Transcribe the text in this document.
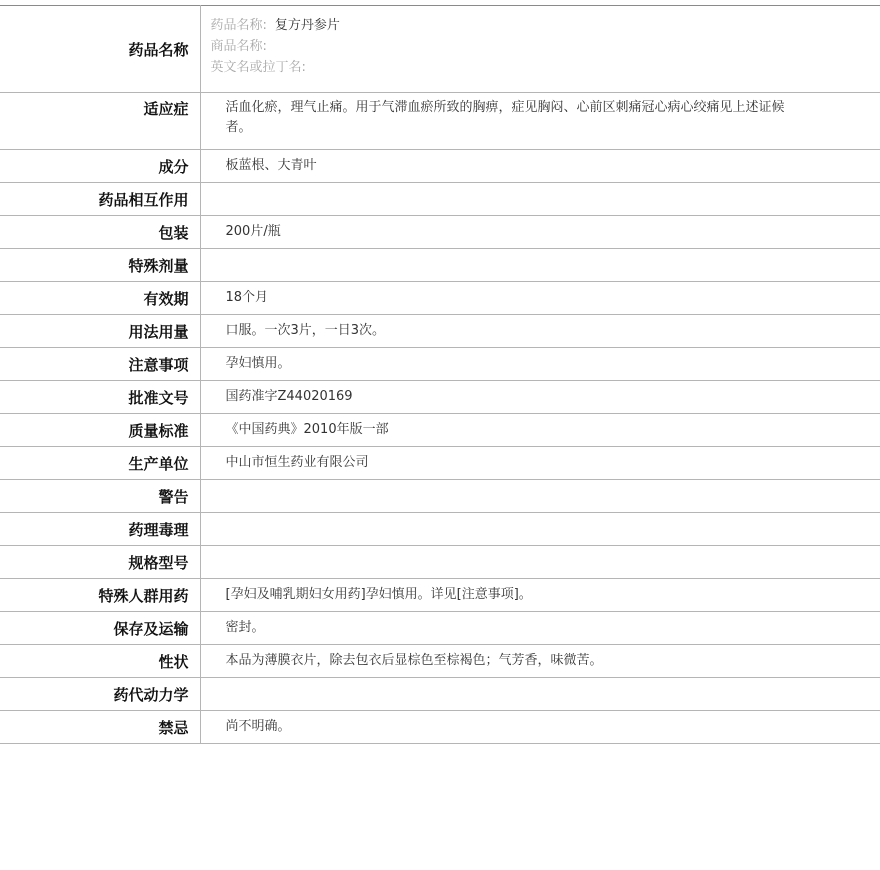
药品名称	药品名称: 复方丹参片
商品名称:
英文名或拉丁名:

适应症	活血化瘀，理气止痛。用于气滞血瘀所致的胸痹，症见胸闷、心前区刺痛冠心病心绞痛见上述证候者。
成分	板蓝根、大青叶
药品相互作用	
包装	200片/瓶
特殊剂量	
有效期	18个月
用法用量	口服。一次3片，一日3次。
注意事项	孕妇慎用。
批准文号	国药准字Z44020169
质量标准	《中国药典》2010年版一部
生产单位	中山市恒生药业有限公司
警告	
药理毒理	
规格型号	
特殊人群用药	[孕妇及哺乳期妇女用药]孕妇慎用。详见[注意事项]。
保存及运输	密封。
性状	本品为薄膜衣片，除去包衣后显棕色至棕褐色；气芳香，味微苦。
药代动力学	
禁忌	尚不明确。
